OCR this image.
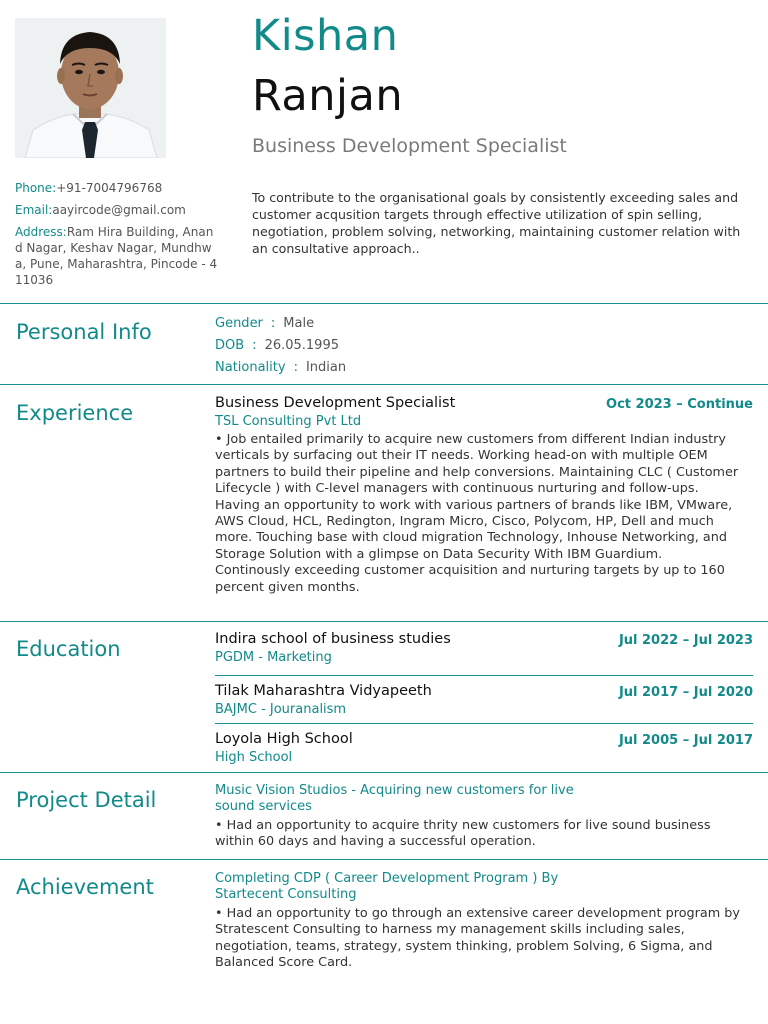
Kishan
Ranjan
Business Development Specialist
Phone:+91-7004796768
Email:aayircode@gmail.com
Address:Ram Hira Building, Anand Nagar, Keshav Nagar, Mundhwa, Pune, Maharashtra, Pincode - 411036
To contribute to the organisational goals by consistently exceeding sales and customer acqusition targets through effective utilization of spin selling, negotiation, problem solving, networking, maintaining customer relation with an consultative approach..
Personal Info	Gender : Male
DOB : 26.05.1995
Nationality : Indian
Experience	Business Development Specialist	Oct 2023 – Continue
TSL Consulting Pvt Ltd
• Job entailed primarily to acquire new customers from different Indian industry verticals by surfacing out their IT needs. Working head-on with multiple OEM partners to build their pipeline and help conversions. Maintaining CLC ( Customer Lifecycle ) with C-level managers with continuous nurturing and follow-ups. Having an opportunity to work with various partners of brands like IBM, VMware, AWS Cloud, HCL, Redington, Ingram Micro, Cisco, Polycom, HP, Dell and much more. Touching base with cloud migration Technology, Inhouse Networking, and Storage Solution with a glimpse on Data Security With IBM Guardium. Continously exceeding customer acquisition and nurturing targets by up to 160 percent given months.
Education	Indira school of business studies	Jul 2022 – Jul 2023
PGDM - Marketing
Tilak Maharashtra Vidyapeeth	Jul 2017 – Jul 2020
BAJMC - Jouranalism
Loyola High School	Jul 2005 – Jul 2017
High School
Project Detail	Music Vision Studios - Acquiring new customers for live sound services
• Had an opportunity to acquire thrity new customers for live sound business within 60 days and having a successful operation.
Achievement	Completing CDP ( Career Development Program ) By Startecent Consulting
• Had an opportunity to go through an extensive career development program by Stratescent Consulting to harness my management skills including sales, negotiation, teams, strategy, system thinking, problem Solving, 6 Sigma, and Balanced Score Card.
